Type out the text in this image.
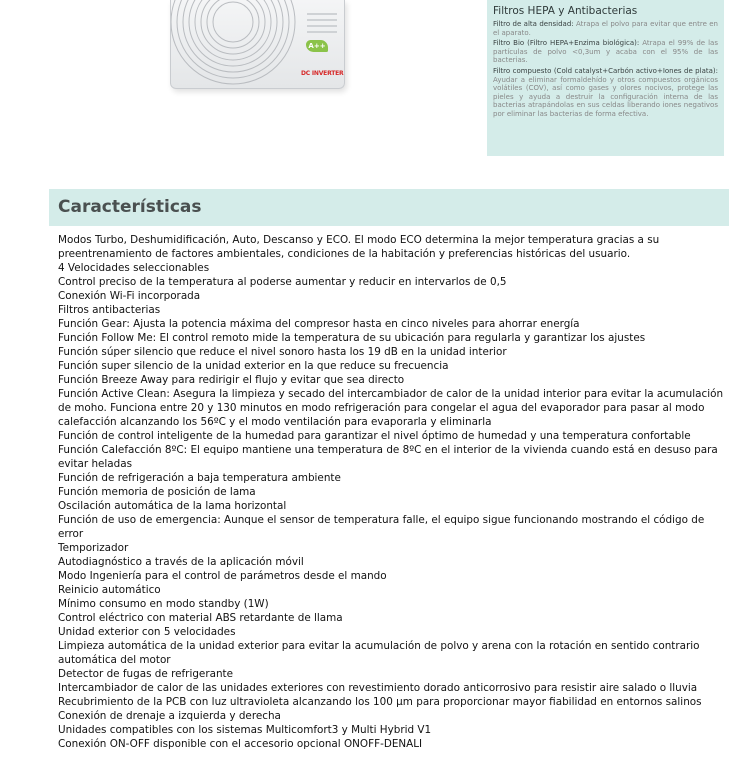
A++
DC INVERTER
Filtros HEPA y Antibacterias

Filtro de alta densidad: Atrapa el polvo para evitar que entre en el aparato.

Filtro Bio (Filtro HEPA+Enzima biológica): Atrapa el 99% de las partículas de polvo <0,3um y acaba con el 95% de las bacterias.

Filtro compuesto (Cold catalyst+Carbón activo+Iones de plata): Ayudar a eliminar formaldehído y otros compuestos orgánicos volátiles (COV), así como gases y olores nocivos, protege las pieles y ayuda a destruir la configuración interna de las bacterias atrapándolas en sus celdas liberando iones negativos por eliminar las bacterias de forma efectiva.

Características
Modos Turbo, Deshumidificación, Auto, Descanso y ECO. El modo ECO determina la mejor temperatura gracias a su preentrenamiento de factores ambientales, condiciones de la habitación y preferencias históricas del usuario.
4 Velocidades seleccionables
Control preciso de la temperatura al poderse aumentar y reducir en intervarlos de 0,5
Conexión Wi-Fi incorporada
Filtros antibacterias
Función Gear: Ajusta la potencia máxima del compresor hasta en cinco niveles para ahorrar energía
Función Follow Me: El control remoto mide la temperatura de su ubicación para regularla y garantizar los ajustes
Función súper silencio que reduce el nivel sonoro hasta los 19 dB en la unidad interior
Función super silencio de la unidad exterior en la que reduce su frecuencia
Función Breeze Away para redirigir el flujo y evitar que sea directo
Función Active Clean: Asegura la limpieza y secado del intercambiador de calor de la unidad interior para evitar la acumulación de moho. Funciona entre 20 y 130 minutos en modo refrigeración para congelar el agua del evaporador para pasar al modo calefacción alcanzando los 56ºC y el modo ventilación para evaporarla y eliminarla
Función de control inteligente de la humedad para garantizar el nivel óptimo de humedad y una temperatura confortable
Función Calefacción 8ºC: El equipo mantiene una temperatura de 8ºC en el interior de la vivienda cuando está en desuso para evitar heladas
Función de refrigeración a baja temperatura ambiente
Función memoria de posición de lama
Oscilación automática de la lama horizontal
Función de uso de emergencia: Aunque el sensor de temperatura falle, el equipo sigue funcionando mostrando el código de error
Temporizador
Autodiagnóstico a través de la aplicación móvil
Modo Ingeniería para el control de parámetros desde el mando
Reinicio automático
Mínimo consumo en modo standby (1W)
Control eléctrico con material ABS retardante de llama
Unidad exterior con 5 velocidades
Limpieza automática de la unidad exterior para evitar la acumulación de polvo y arena con la rotación en sentido contrario automática del motor
Detector de fugas de refrigerante
Intercambiador de calor de las unidades exteriores con revestimiento dorado anticorrosivo para resistir aire salado o lluvia
Recubrimiento de la PCB con luz ultravioleta alcanzando los 100 µm para proporcionar mayor fiabilidad en entornos salinos
Conexión de drenaje a izquierda y derecha
Unidades compatibles con los sistemas Multicomfort3 y Multi Hybrid V1
Conexión ON-OFF disponible con el accesorio opcional ONOFF-DENALI
